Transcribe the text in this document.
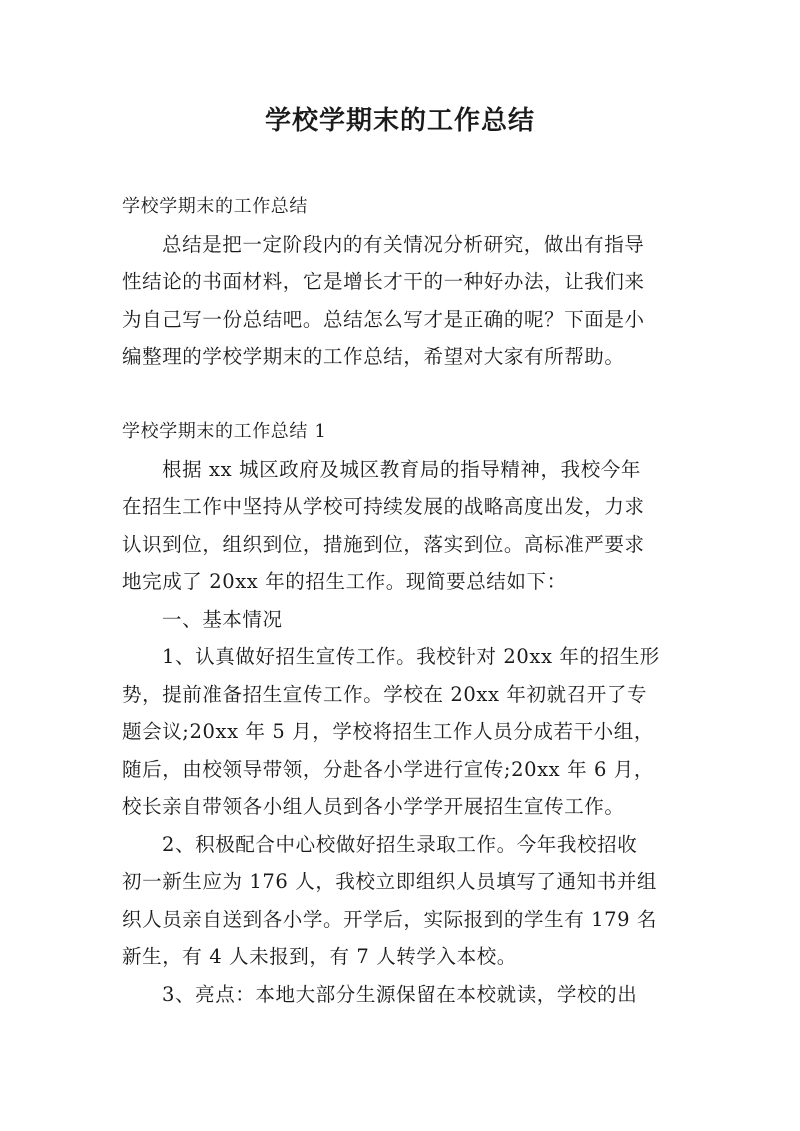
学校学期末的工作总结
学校学期末的工作总结
总结是把一定阶段内的有关情况分析研究，做出有指导
性结论的书面材料，它是增长才干的一种好办法，让我们来
为自己写一份总结吧。总结怎么写才是正确的呢？下面是小
编整理的学校学期末的工作总结，希望对大家有所帮助。
学校学期末的工作总结 1
根据 xx 城区政府及城区教育局的指导精神，我校今年
在招生工作中坚持从学校可持续发展的战略高度出发，力求
认识到位，组织到位，措施到位，落实到位。高标准严要求
地完成了 20xx 年的招生工作。现简要总结如下：
一、基本情况
1、认真做好招生宣传工作。我校针对 20xx 年的招生形
势，提前准备招生宣传工作。学校在 20xx 年初就召开了专
题会议;20xx 年 5 月，学校将招生工作人员分成若干小组，
随后，由校领导带领，分赴各小学进行宣传;20xx 年 6 月，
校长亲自带领各小组人员到各小学学开展招生宣传工作。
2、积极配合中心校做好招生录取工作。今年我校招收
初一新生应为 176 人，我校立即组织人员填写了通知书并组
织人员亲自送到各小学。开学后，实际报到的学生有 179 名
新生，有 4 人未报到，有 7 人转学入本校。
3、亮点：本地大部分生源保留在本校就读，学校的出
